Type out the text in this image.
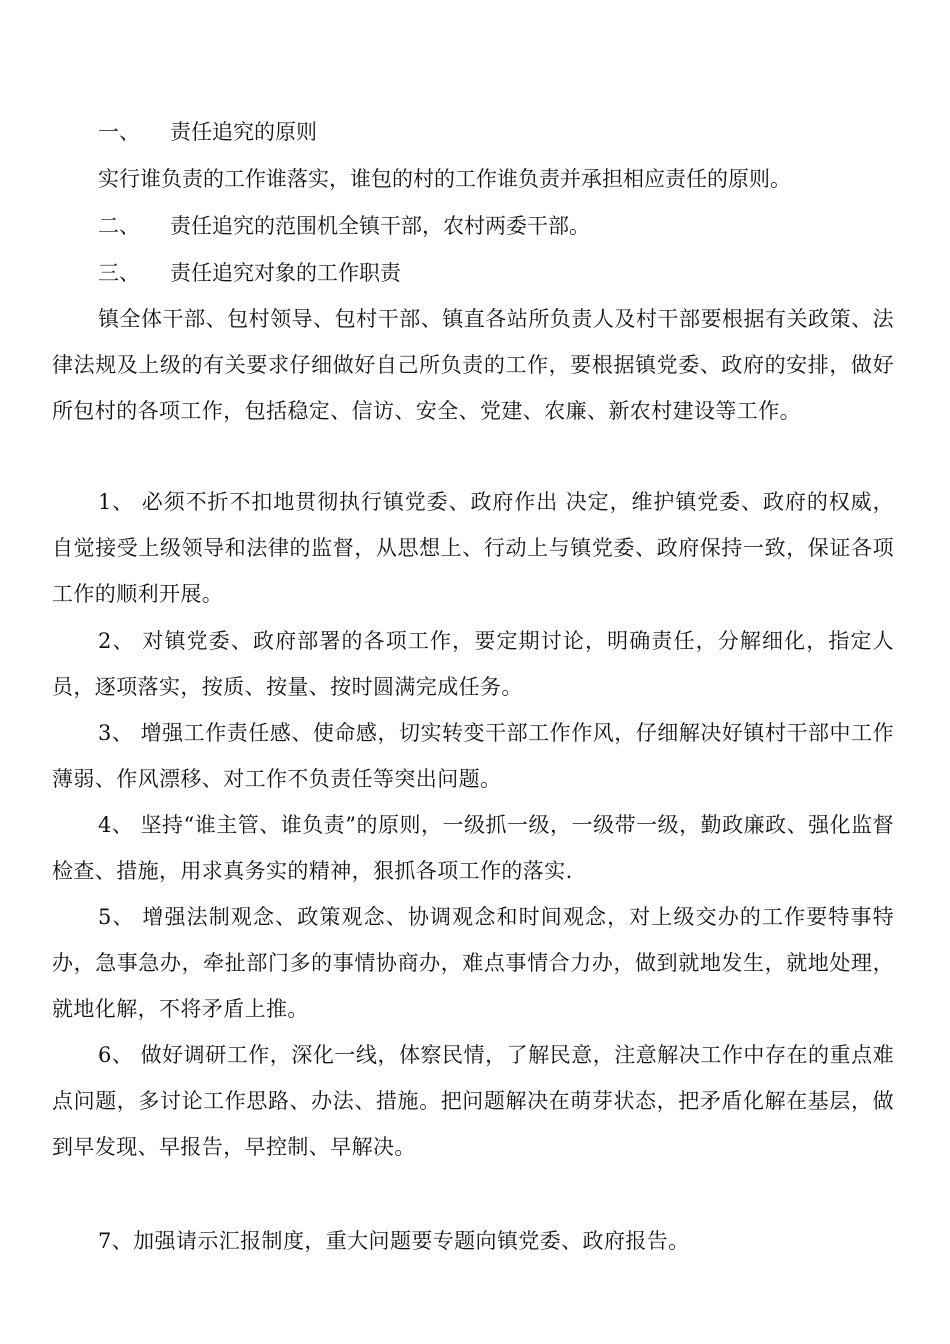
一、 责任追究的原则
实行谁负责的工作谁落实，谁包的村的工作谁负责并承担相应责任的原则。
二、 责任追究的范围机全镇干部，农村两委干部。
三、 责任追究对象的工作职责
镇全体干部、包村领导、包村干部、镇直各站所负责人及村干部要根据有关政策、法律法规及上级的有关要求仔细做好自己所负责的工作，要根据镇党委、政府的安排，做好所包村的各项工作，包括稳定、信访、安全、党建、农廉、新农村建设等工作。
1、 必须不折不扣地贯彻执行镇党委、政府作出 决定，维护镇党委、政府的权威，自觉接受上级领导和法律的监督，从思想上、行动上与镇党委、政府保持一致，保证各项工作的顺利开展。
2、 对镇党委、政府部署的各项工作，要定期讨论，明确责任，分解细化，指定人员，逐项落实，按质、按量、按时圆满完成任务。
3、 增强工作责任感、使命感，切实转变干部工作作风，仔细解决好镇村干部中工作薄弱、作风漂移、对工作不负责任等突出问题。
4、 坚持“谁主管、谁负责”的原则，一级抓一级，一级带一级，勤政廉政、强化监督检查、措施，用求真务实的精神，狠抓各项工作的落实.
5、 增强法制观念、政策观念、协调观念和时间观念，对上级交办的工作要特事特办，急事急办，牵扯部门多的事情协商办，难点事情合力办，做到就地发生，就地处理，就地化解，不将矛盾上推。
6、 做好调研工作，深化一线，体察民情，了解民意，注意解决工作中存在的重点难点问题，多讨论工作思路、办法、措施。把问题解决在萌芽状态，把矛盾化解在基层，做到早发现、早报告，早控制、早解决。
7、加强请示汇报制度，重大问题要专题向镇党委、政府报告。
